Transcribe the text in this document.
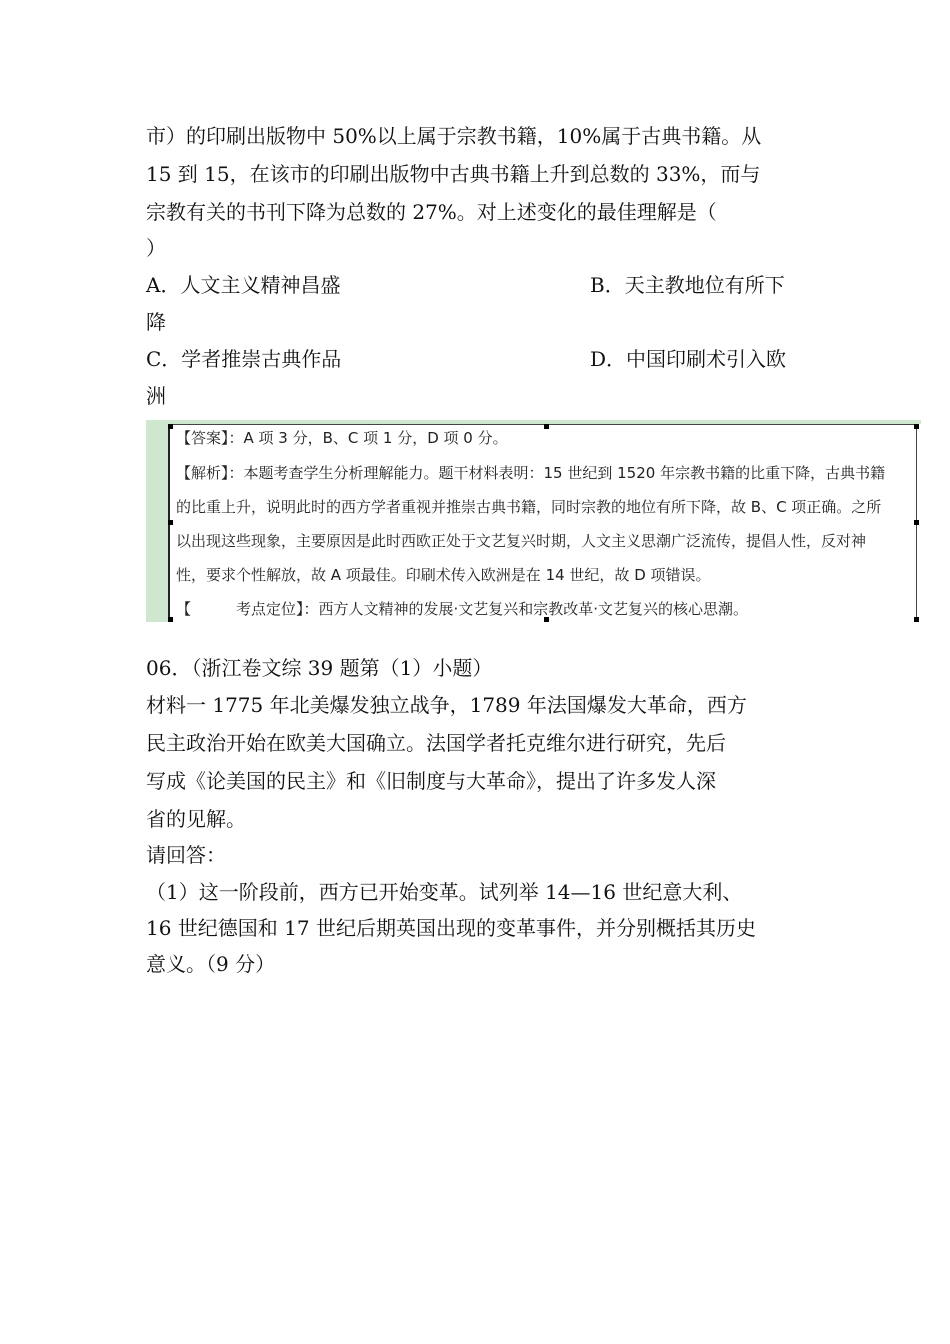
市）的印刷出版物中 50%以上属于宗教书籍，10%属于古典书籍。从
15 到 15，在该市的印刷出版物中古典书籍上升到总数的 33%，而与
宗教有关的书刊下降为总数的 27%。对上述变化的最佳理解是（
）
A．人文主义精神昌盛	B．天主教地位有所下
降
C．学者推崇古典作品	D．中国印刷术引入欧
洲
【答案】：A 项 3 分，B、C 项 1 分，D 项 0 分。
【解析】：本题考查学生分析理解能力。题干材料表明：15 世纪到 1520 年宗教书籍的比重下降，古典书籍
的比重上升，说明此时的西方学者重视并推崇古典书籍，同时宗教的地位有所下降，故 B、C 项正确。之所
以出现这些现象，主要原因是此时西欧正处于文艺复兴时期，人文主义思潮广泛流传，提倡人性，反对神
性，要求个性解放，故 A 项最佳。印刷术传入欧洲是在 14 世纪，故 D 项错误。
【　　　考点定位】：西方人文精神的发展·文艺复兴和宗教改革·文艺复兴的核心思潮。
06．（浙江卷文综 39 题第（1）小题）
材料一 1775 年北美爆发独立战争，1789 年法国爆发大革命，西方
民主政治开始在欧美大国确立。法国学者托克维尔进行研究，先后
写成《论美国的民主》和《旧制度与大革命》，提出了许多发人深
省的见解。
请回答：
（1）这一阶段前，西方已开始变革。试列举 14—16 世纪意大利、
16 世纪德国和 17 世纪后期英国出现的变革事件，并分别概括其历史
意义。（9 分）
